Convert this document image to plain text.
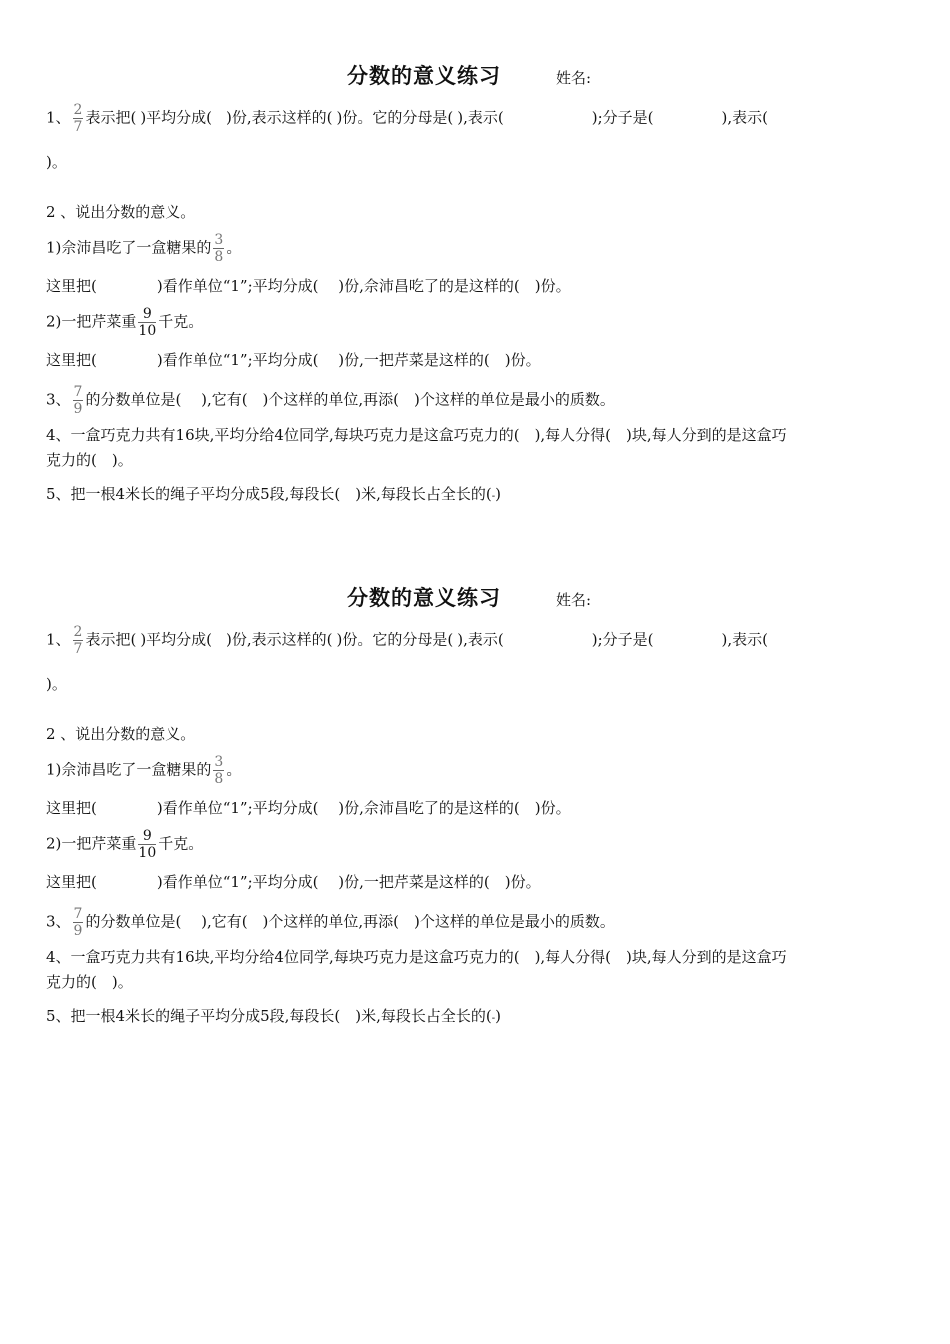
分数的意义练习	姓名:
1、 $\frac{2}{7}$ 表示把( )平均分成( )份,表示这样的( )份。它的分母是( ),表示(	);分子是(	),表示(
)。
2 、说出分数的意义。
1)佘沛昌吃了一盒糖果的 $\frac{3}{8}$ 。
这里把(　　　　)看作单位“1”;平均分成(　 )份,佘沛昌吃了的是这样的(　)份。
2)一把芹菜重 $\frac{9}{10}$ 千克。
这里把(　　　　)看作单位“1”;平均分成(　 )份,一把芹菜是这样的(　)份。
3、 $\frac{7}{9}$ 的分数单位是(　 ),它有(　)个这样的单位,再添(　)个这样的单位是最小的质数。
4、一盒巧克力共有16块,平均分给4位同学,每块巧克力是这盒巧克力的(　),每人分得(　)块,每人分到的是这盒巧
克力的(　)。
5、把一根4米长的绳子平均分成5段,每段长(　)米,每段长占全长的(-)
分数的意义练习	姓名:
1、 $\frac{2}{7}$ 表示把( )平均分成( )份,表示这样的( )份。它的分母是( ),表示(	);分子是(	),表示(
)。
2 、说出分数的意义。
1)佘沛昌吃了一盒糖果的 $\frac{3}{8}$ 。
这里把(　　　　)看作单位“1”;平均分成(　 )份,佘沛昌吃了的是这样的(　)份。
2)一把芹菜重 $\frac{9}{10}$ 千克。
这里把(　　　　)看作单位“1”;平均分成(　 )份,一把芹菜是这样的(　)份。
3、 $\frac{7}{9}$ 的分数单位是(　 ),它有(　)个这样的单位,再添(　)个这样的单位是最小的质数。
4、一盒巧克力共有16块,平均分给4位同学,每块巧克力是这盒巧克力的(　),每人分得(　)块,每人分到的是这盒巧
克力的(　)。
5、把一根4米长的绳子平均分成5段,每段长(　)米,每段长占全长的(-)
